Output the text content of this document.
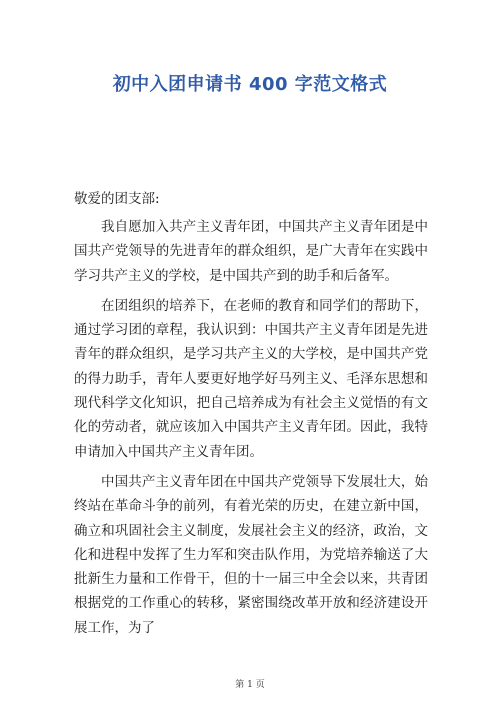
初中入团申请书 400 字范文格式
敬爱的团支部:

我自愿加入共产主义青年团，中国共产主义青年团是中国共产党领导的先进青年的群众组织，是广大青年在实践中学习共产主义的学校，是中国共产到的助手和后备军。

在团组织的培养下，在老师的教育和同学们的帮助下，通过学习团的章程，我认识到：中国共产主义青年团是先进青年的群众组织，是学习共产主义的大学校，是中国共产党的得力助手，青年人要更好地学好马列主义、毛泽东思想和现代科学文化知识，把自己培养成为有社会主义觉悟的有文化的劳动者，就应该加入中国共产主义青年团。因此，我特申请加入中国共产主义青年团。

中国共产主义青年团在中国共产党领导下发展壮大，始终站在革命斗争的前列，有着光荣的历史，在建立新中国，确立和巩固社会主义制度，发展社会主义的经济，政治，文化和进程中发挥了生力军和突击队作用，为党培养输送了大批新生力量和工作骨干，但的十一届三中全会以来，共青团根据党的工作重心的转移，紧密围绕改革开放和经济建设开展工作，为了

第 1 页
